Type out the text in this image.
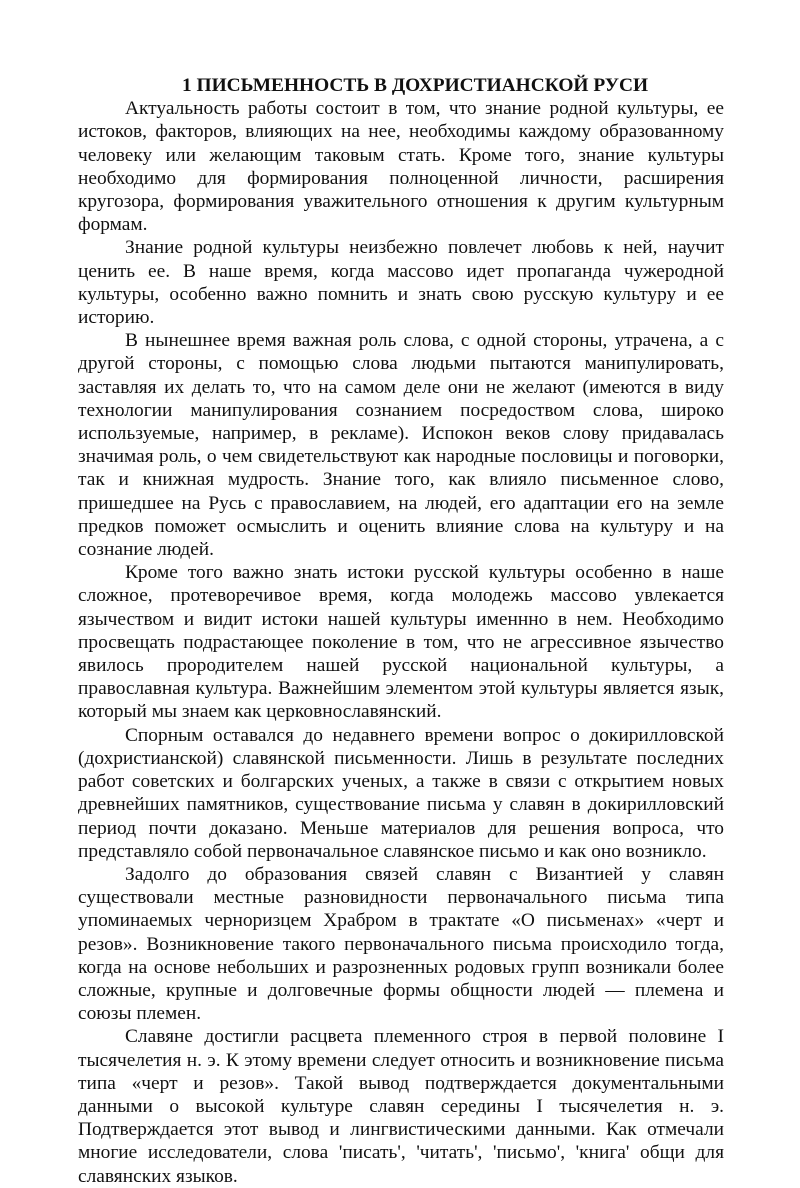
1 ПИСЬМЕННОСТЬ В ДОХРИСТИАНСКОЙ РУСИ

Актуальность работы состоит в том, что знание родной культуры, ее истоков, факторов, влияющих на нее, необходимы каждому образованному человеку или желающим таковым стать. Кроме того, знание культуры необходимо для формирования полноценной личности, расширения кругозора, формирования уважительного отношения к другим культурным формам.

Знание родной культуры неизбежно повлечет любовь к ней, научит ценить ее. В наше время, когда массово идет пропаганда чужеродной культуры, особенно важно помнить и знать свою русскую культуру и ее историю.

В нынешнее время важная роль слова, с одной стороны, утрачена, а с другой стороны, с помощью слова людьми пытаются манипулировать, заставляя их делать то, что на самом деле они не желают (имеются в виду технологии манипулирования сознанием посредоством слова, широко используемые, например, в рекламе). Испокон веков слову придавалась значимая роль, о чем свидетельствуют как народные пословицы и поговорки, так и книжная мудрость. Знание того, как влияло письменное слово, пришедшее на Русь с православием, на людей, его адаптации его на земле предков поможет осмыслить и оценить влияние слова на культуру и на сознание людей.

Кроме того важно знать истоки русской культуры особенно в наше сложное, протеворечивое время, когда молодежь массово увлекается язычеством и видит истоки нашей культуры именнно в нем. Необходимо просвещать подрастающее поколение в том, что не агрессивное язычество явилось прородителем нашей русской национальной культуры, а православная культура. Важнейшим элементом этой культуры является язык, который мы знаем как церковнославянский.

Спорным оставался до недавнего времени вопрос о докирилловской (дохристианской) славянской письменности. Лишь в результате последних работ советских и болгарских ученых, а также в связи с открытием новых древнейших памятников, существование письма у славян в докирилловский период почти доказано. Меньше материалов для решения вопроса, что представляло собой первоначальное славянское письмо и как оно возникло.

Задолго до образования связей славян с Византией у славян существовали местные разновидности первоначального письма типа упоминаемых черноризцем Храбром в трактате «О письменах» «черт и резов». Возникновение такого первоначального письма происходило тогда, когда на основе небольших и разрозненных родовых групп возникали более сложные, крупные и долговечные формы общности людей — племена и союзы племен.

Славяне достигли расцвета племенного строя в первой половине I тысячелетия н. э. К этому времени следует относить и возникновение письма типа «черт и резов». Такой вывод подтверждается документальными данными о высокой культуре славян середины I тысячелетия н. э. Подтверждается этот вывод и лингвистическими данными. Как отмечали многие исследователи, слова 'писать', 'читать', 'письмо', 'книга' общи для славянских языков.
